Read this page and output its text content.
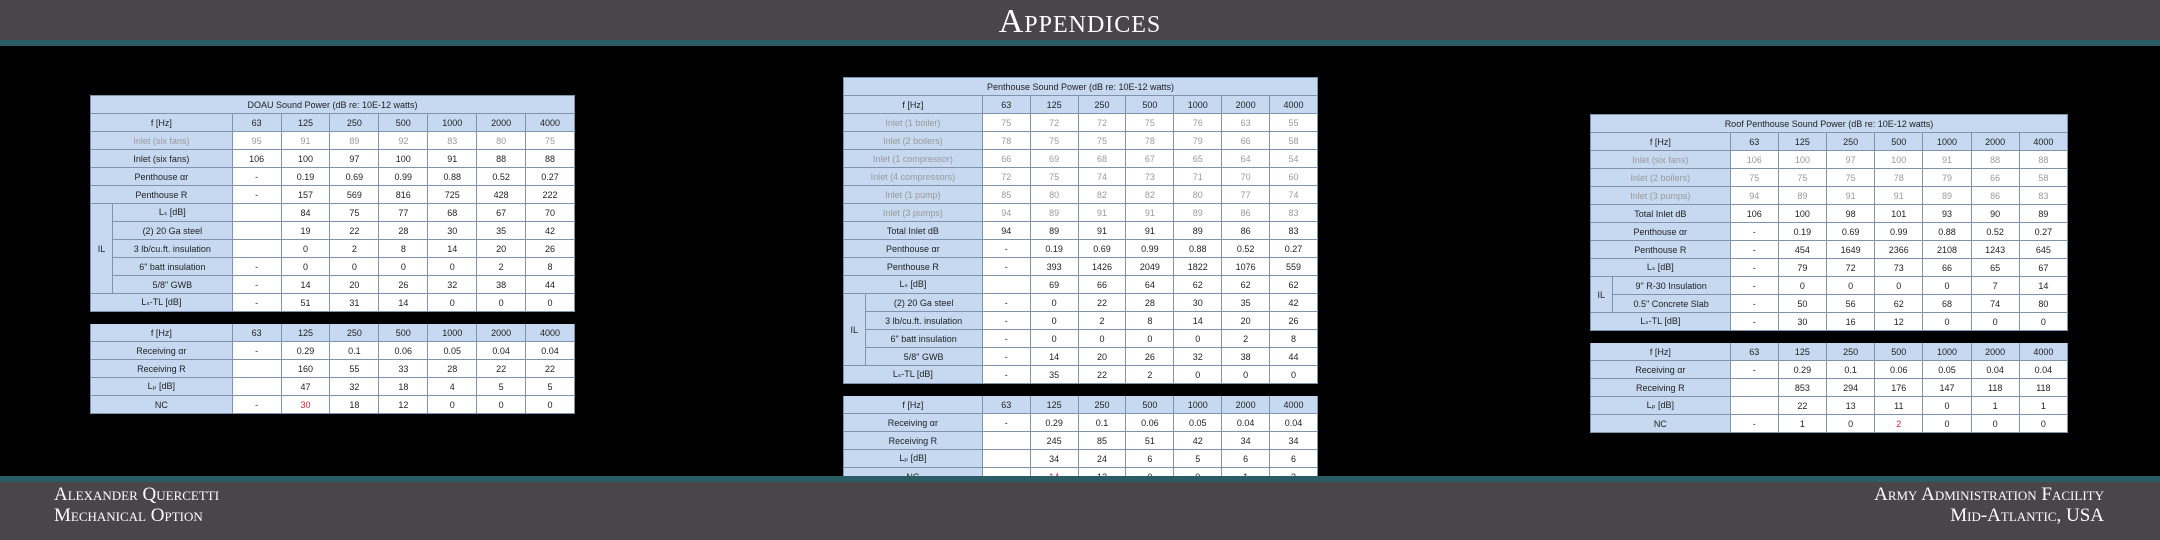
Appendices
DOAU Sound Power (dB re: 10E-12 watts)								
f [Hz]		63	125	250	500	1000	2000	4000
Inlet (six fans)		95	91	89	92	83	80	75
Inlet (six fans)		106	100	97	100	91	88	88
Penthouse αr		-	0.19	0.69	0.99	0.88	0.52	0.27
Penthouse R		-	157	569	816	725	428	222
IL	Lₛ [dB]		84	75	77	68	67	70
	(2) 20 Ga steel		19	22	28	30	35	42
	3 lb/cu.ft. insulation		0	2	8	14	20	26
	6" batt insulation	-	0	0	0	0	2	8
	5/8" GWB	-	14	20	26	32	38	44
Lₛ-TL [dB]		-	51	31	14	0	0	0

f [Hz]		63	125	250	500	1000	2000	4000
Receiving αr		-	0.29	0.1	0.06	0.05	0.04	0.04
Receiving R			160	55	33	28	22	22
Lₚ [dB]			47	32	18	4	5	5
NC		-	30	18	12	0	0	0
Penthouse Sound Power (dB re: 10E-12 watts)								
f [Hz]		63	125	250	500	1000	2000	4000
Inlet (1 boiler)		75	72	72	75	76	63	55
Inlet (2 boilers)		78	75	75	78	79	66	58
Inlet (1 compressor)		66	69	68	67	65	64	54
Inlet (4 compressors)		72	75	74	73	71	70	60
Inlet (1 pump)		85	80	82	82	80	77	74
Inlet (3 pumps)		94	89	91	91	89	86	83
Total Inlet dB		94	89	91	91	89	86	83
Penthouse αr		-	0.19	0.69	0.99	0.88	0.52	0.27
Penthouse R		-	393	1426	2049	1822	1076	559
Lₛ [dB]			69	66	64	62	62	62
IL	(2) 20 Ga steel	-	0	22	28	30	35	42
	3 lb/cu.ft. insulation	-	0	2	8	14	20	26
	6" batt insulation	-	0	0	0	0	2	8
	5/8" GWB	-	14	20	26	32	38	44
Lₛ-TL [dB]		-	35	22	2	0	0	0

f [Hz]		63	125	250	500	1000	2000	4000
Receiving αr		-	0.29	0.1	0.06	0.05	0.04	0.04
Receiving R			245	85	51	42	34	34
Lₚ [dB]			34	24	6	5	6	6

Roof Penthouse Sound Power (dB re: 10E-12 watts)								
f [Hz]		63	125	250	500	1000	2000	4000
Inlet (six fans)		106	100	97	100	91	88	88
Inlet (2 boilers)		75	75	75	78	79	66	58
Inlet (3 pumps)		94	89	91	91	89	86	83
Total Inlet dB		106	100	98	101	93	90	89
Penthouse αr		-	0.19	0.69	0.99	0.88	0.52	0.27
Penthouse R		-	454	1649	2366	2108	1243	645
Lₛ [dB]		-	79	72	73	66	65	67
IL	9" R-30 Insulation	-	0	0	0	0	7	14
	0.5" Concrete Slab	-	50	56	62	68	74	80
Lₛ-TL [dB]		-	30	16	12	0	0	0

f [Hz]		63	125	250	500	1000	2000	4000
Receiving αr		-	0.29	0.1	0.06	0.05	0.04	0.04
Receiving R			853	294	176	147	118	118
Lₚ [dB]			22	13	11	0	1	1
NC		-	1	0	2	0	0	0
Alexander Quercetti
Mechanical Option
Army Administration Facility
Mid-Atlantic, USA
